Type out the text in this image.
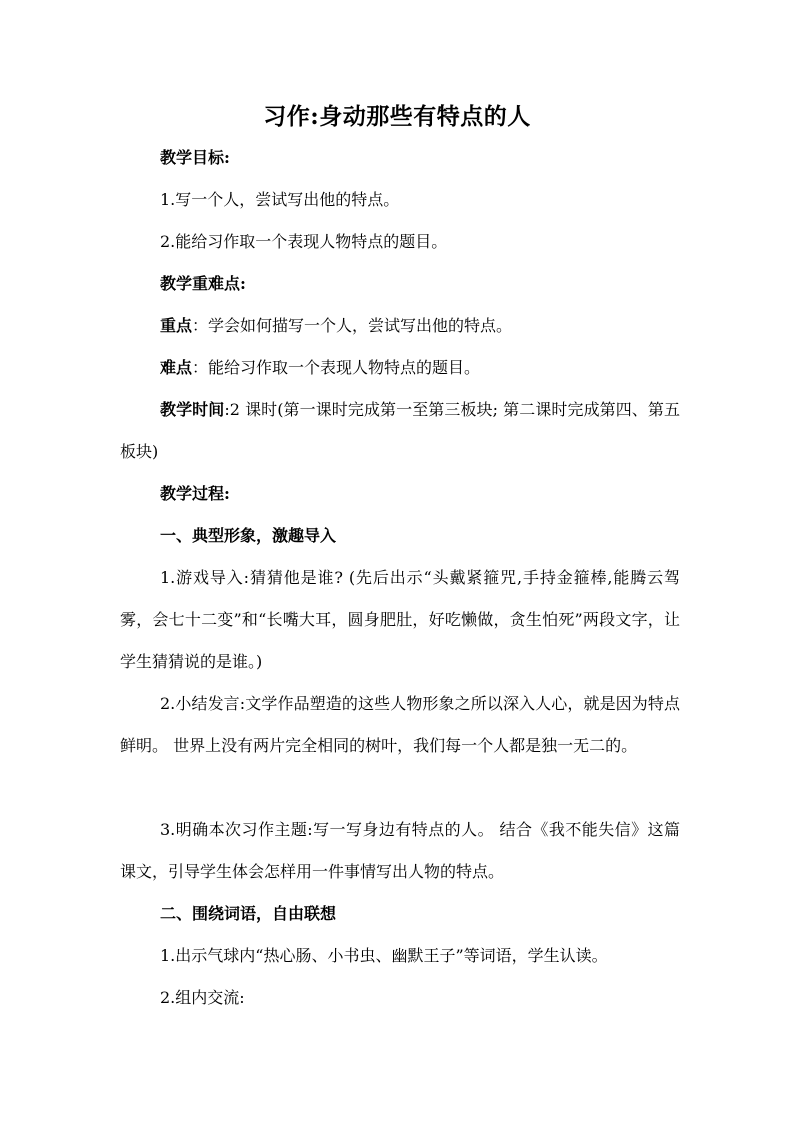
习作:身动那些有特点的人

教学目标:

1.写一个人，尝试写出他的特点。

2.能给习作取一个表现人物特点的题目。

教学重难点:

重点：学会如何描写一个人，尝试写出他的特点。

难点：能给习作取一个表现人物特点的题目。

教学时间:2 课时(第一课时完成第一至第三板块; 第二课时完成第四、第五板块)

教学过程:

一、典型形象，激趣导入

1.游戏导入:猜猜他是谁? (先后出示“头戴紧箍咒,手持金箍棒,能腾云驾雾，会七十二变”和“长嘴大耳，圆身肥肚，好吃懒做，贪生怕死”两段文字，让学生猜猜说的是谁。)

2.小结发言:文学作品塑造的这些人物形象之所以深入人心，就是因为特点鲜明。 世界上没有两片完全相同的树叶，我们每一个人都是独一无二的。

3.明确本次习作主题:写一写身边有特点的人。 结合《我不能失信》这篇课文，引导学生体会怎样用一件事情写出人物的特点。

二、围绕词语，自由联想

1.出示气球内“热心肠、小书虫、幽默王子”等词语，学生认读。

2.组内交流:
